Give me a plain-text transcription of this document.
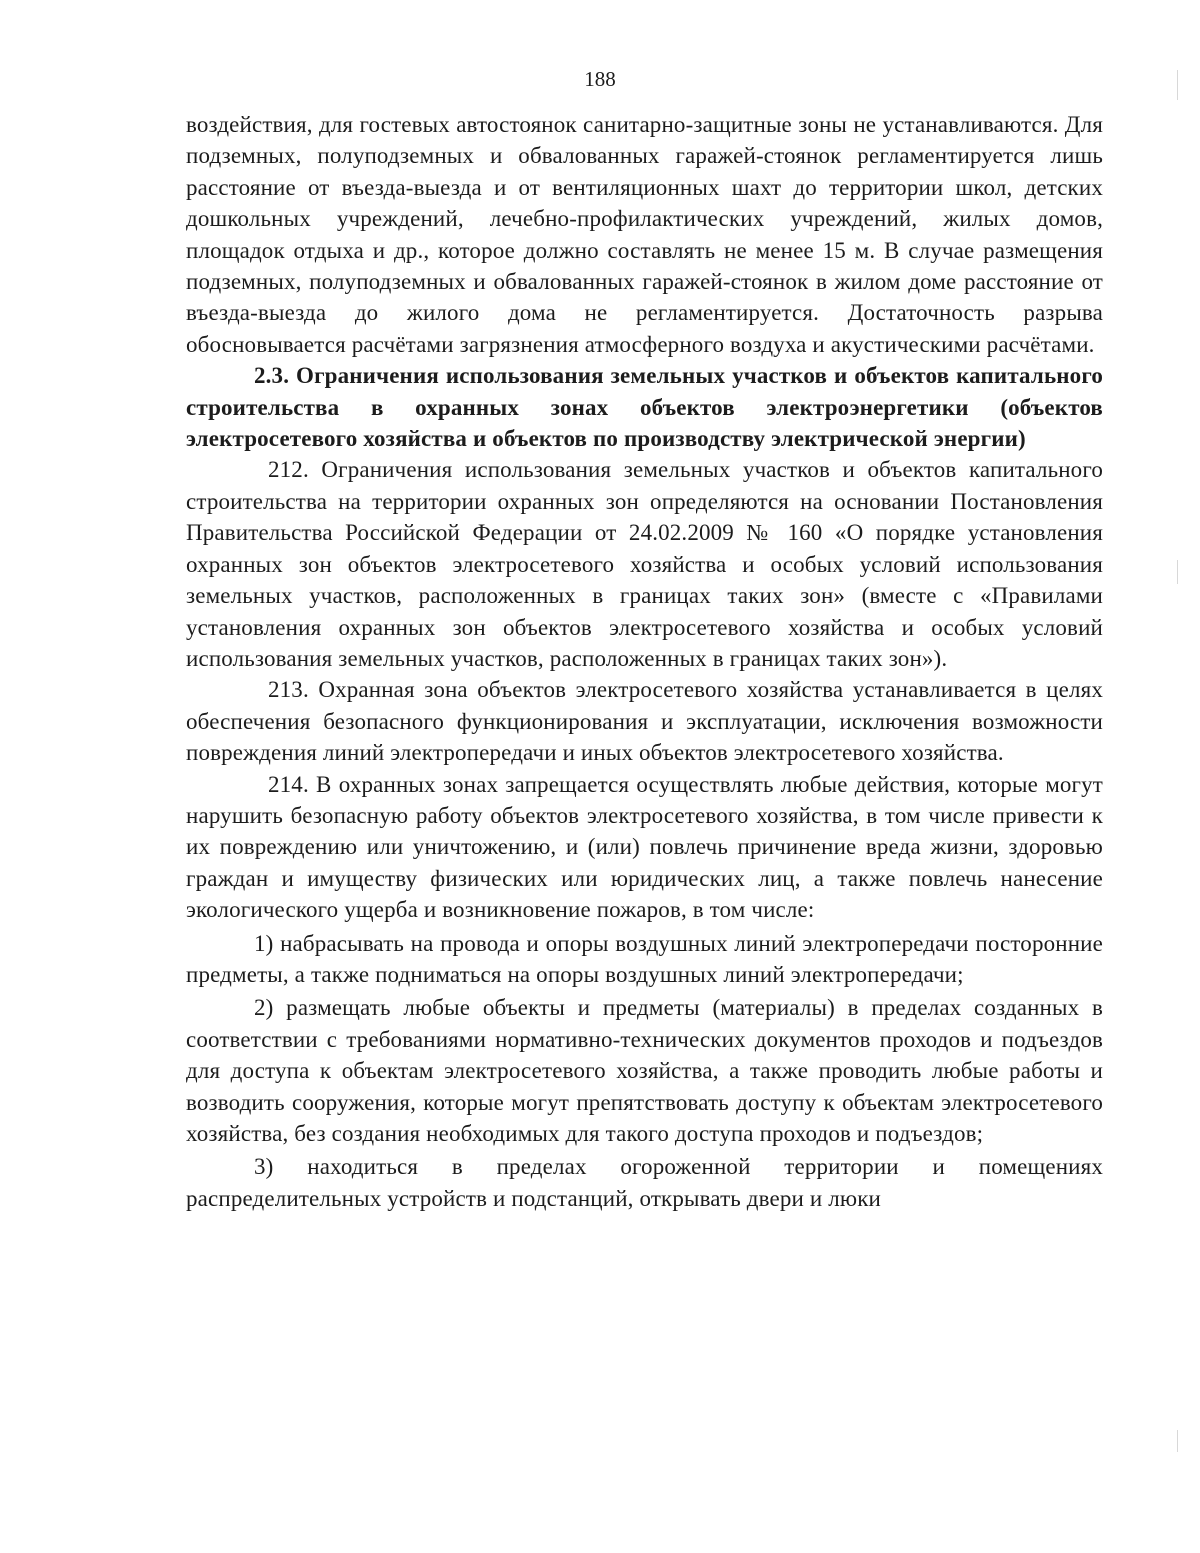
188

воздействия, для гостевых автостоянок санитарно-защитные зоны не устанавливаются. Для подземных, полуподземных и обвалованных гаражей-стоянок регламентируется лишь расстояние от въезда-выезда и от вентиляционных шахт до территории школ, детских дошкольных учреждений, лечебно-профилактических учреждений, жилых домов, площадок отдыха и др., которое должно составлять не менее 15 м. В случае размещения подземных, полуподземных и обвалованных гаражей-стоянок в жилом доме расстояние от въезда-выезда до жилого дома не регламентируется. Достаточность разрыва обосновывается расчётами загрязнения атмосферного воздуха и акустическими расчётами.

2.3. Ограничения использования земельных участков и объектов капитального строительства в охранных зонах объектов электроэнергетики (объектов электросетевого хозяйства и объектов по производству электрической энергии)

212. Ограничения использования земельных участков и объектов капитального строительства на территории охранных зон определяются на основании Постановления Правительства Российской Федерации от 24.02.2009 № 160 «О порядке установления охранных зон объектов электросетевого хозяйства и особых условий использования земельных участков, расположенных в границах таких зон» (вместе с «Правилами установления охранных зон объектов электросетевого хозяйства и особых условий использования земельных участков, расположенных в границах таких зон»).

213. Охранная зона объектов электросетевого хозяйства устанавливается в целях обеспечения безопасного функционирования и эксплуатации, исключения возможности повреждения линий электропередачи и иных объектов электросетевого хозяйства.

214. В охранных зонах запрещается осуществлять любые действия, которые могут нарушить безопасную работу объектов электросетевого хозяйства, в том числе привести к их повреждению или уничтожению, и (или) повлечь причинение вреда жизни, здоровью граждан и имуществу физических или юридических лиц, а также повлечь нанесение экологического ущерба и возникновение пожаров, в том числе:

1) набрасывать на провода и опоры воздушных линий электропередачи посторонние предметы, а также подниматься на опоры воздушных линий электропередачи;

2) размещать любые объекты и предметы (материалы) в пределах созданных в соответствии с требованиями нормативно-технических документов проходов и подъездов для доступа к объектам электросетевого хозяйства, а также проводить любые работы и возводить сооружения, которые могут препятствовать доступу к объектам электросетевого хозяйства, без создания необходимых для такого доступа проходов и подъездов;

3) находиться в пределах огороженной территории и помещениях распределительных устройств и подстанций, открывать двери и люки
